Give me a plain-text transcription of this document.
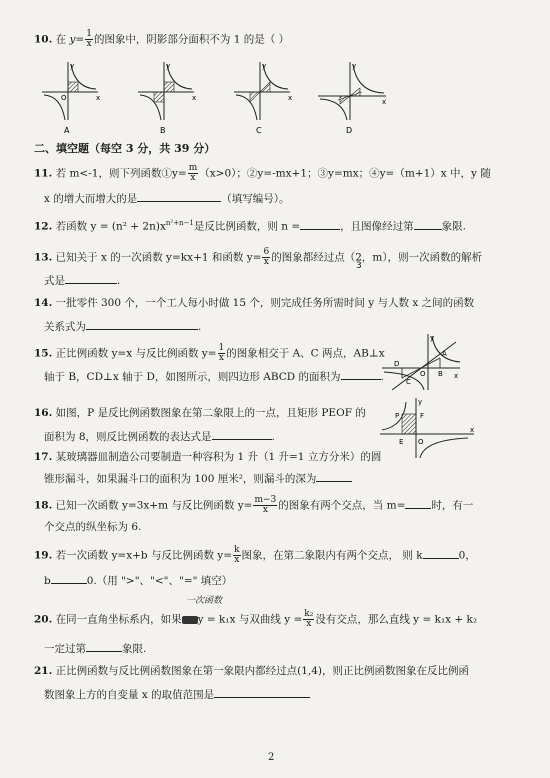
10. 在 $y= \frac{1}{x}$ 的图象中，阴影部分面积不为 1 的是（ ）
y
x
O
y
x
y
x
y
x
A	B	C	D
二、填空题（每空 3 分，共 39 分）
11. 若 m<-1，则下列函数①y= $\frac{m}{x} (x>0)$；②y=-mx+1；③y=mx；④y=（m+1）x 中，y 随
x 的增大而增大的是	（填写编号）。
12. 若函数 $y = (n^2 + 2n)x^{n^2+n-1}$是反比例函数，则 n =	，且图像经过第	象限.
13. 已知关于 x 的一次函数 y=kx+1 和函数 $y= \frac{6}{x}$ 的图象都经过点（2，m），则一次函数的解析
3
式是	.
14. 一批零件 300 个，一个工人每小时做 15 个，则完成任务所需时间 y 与人数 x 之间的函数
关系式为	.
15. 正比例函数 y=x 与反比例函数 $y= \frac{1}{x}$ 的图象相交于 A、C 两点，AB⊥x
轴于 B，CD⊥x 轴于 D，如图所示，则四边形 ABCD 的面积为	.
y
A
O B
D
C
x
16. 如图，P 是反比例函数图象在第二象限上的一点，且矩形 PEOF 的
面积为 8，则反比例函数的表达式是	.
y
P	F
E O
x
17. 某玻璃器皿制造公司要制造一种容积为 1 升（1 升=1 立方分米）的圆
锥形漏斗，如果漏斗口的面积为 100 厘米²，则漏斗的深为
18. 已知一次函数 y=3x+m 与反比例函数 $y= \frac{m-3}{x}$ 的图象有两个交点，当 m= 时，有一
个交点的纵坐标为 6.
19. 若一次函数 y=x+b 与反比例函数 $y= \frac{k}{x}$ 图象，在第二象限内有两个交点， 则 k	0，
b	0.（用 ">"、"<"、"=" 填空）
一次函数
20. 在同一直角坐标系内，如果 y = k₁x 与双曲线 $y = \frac{\text{k₂}}{x}$ 没有交点，那么直线 y = k₁x + k₂
一定过第	象限.
21. 正比例函数与反比例函数图象在第一象限内都经过点(1,4)，则正比例函数图象在反比例函
数图象上方的自变量 x 的取值范围是
2
